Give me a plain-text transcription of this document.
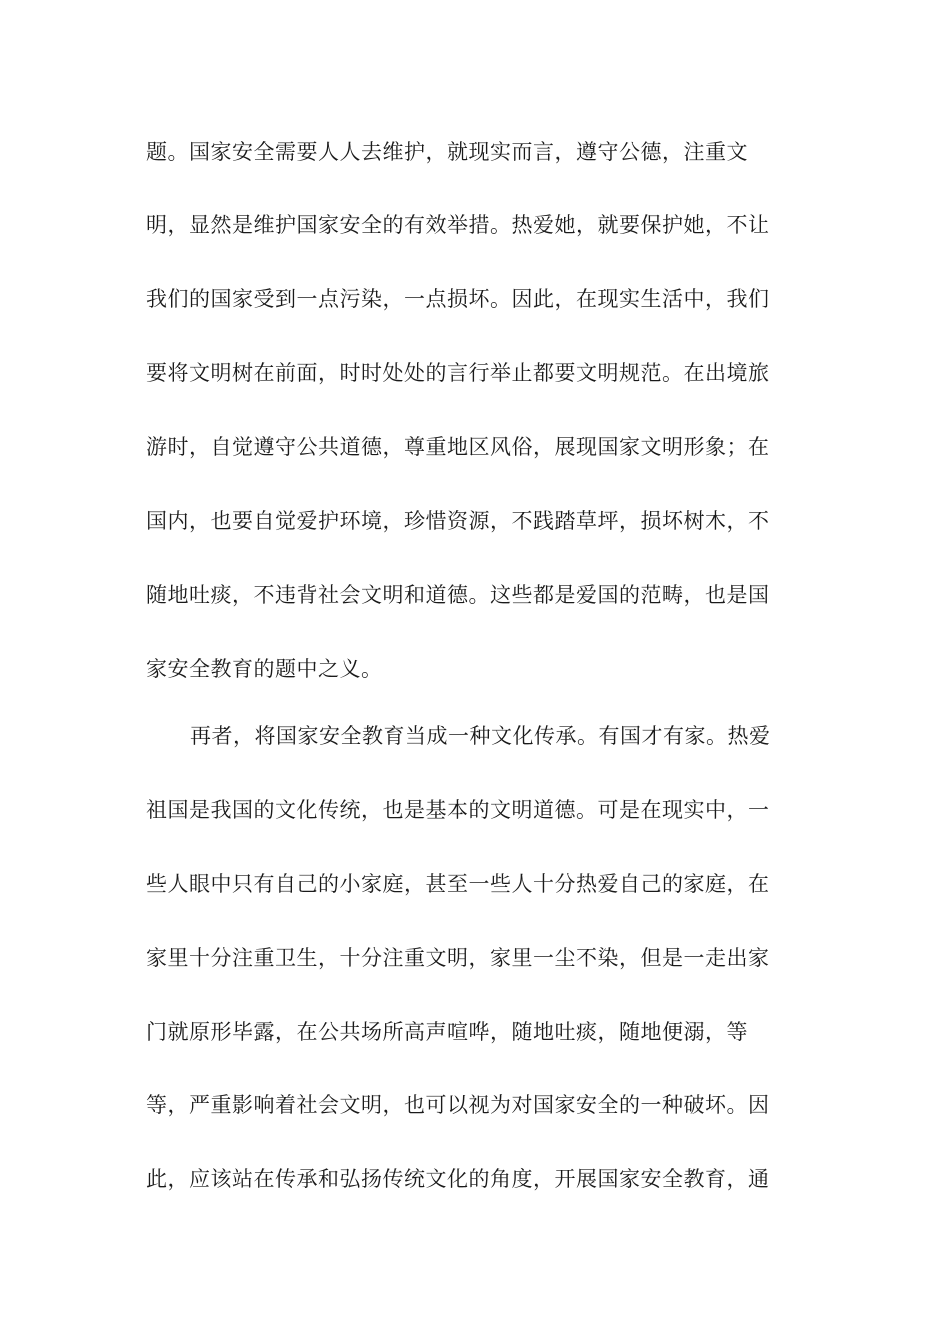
题。国家安全需要人人去维护，就现实而言，遵守公德，注重文
明，显然是维护国家安全的有效举措。热爱她，就要保护她，不让
我们的国家受到一点污染，一点损坏。因此，在现实生活中，我们
要将文明树在前面，时时处处的言行举止都要文明规范。在出境旅
游时，自觉遵守公共道德，尊重地区风俗，展现国家文明形象；在
国内，也要自觉爱护环境，珍惜资源，不践踏草坪，损坏树木，不
随地吐痰，不违背社会文明和道德。这些都是爱国的范畴，也是国
家安全教育的题中之义。
再者，将国家安全教育当成一种文化传承。有国才有家。热爱
祖国是我国的文化传统，也是基本的文明道德。可是在现实中，一
些人眼中只有自己的小家庭，甚至一些人十分热爱自己的家庭，在
家里十分注重卫生，十分注重文明，家里一尘不染，但是一走出家
门就原形毕露，在公共场所高声喧哗，随地吐痰，随地便溺，等
等，严重影响着社会文明，也可以视为对国家安全的一种破坏。因
此，应该站在传承和弘扬传统文化的角度，开展国家安全教育，通
